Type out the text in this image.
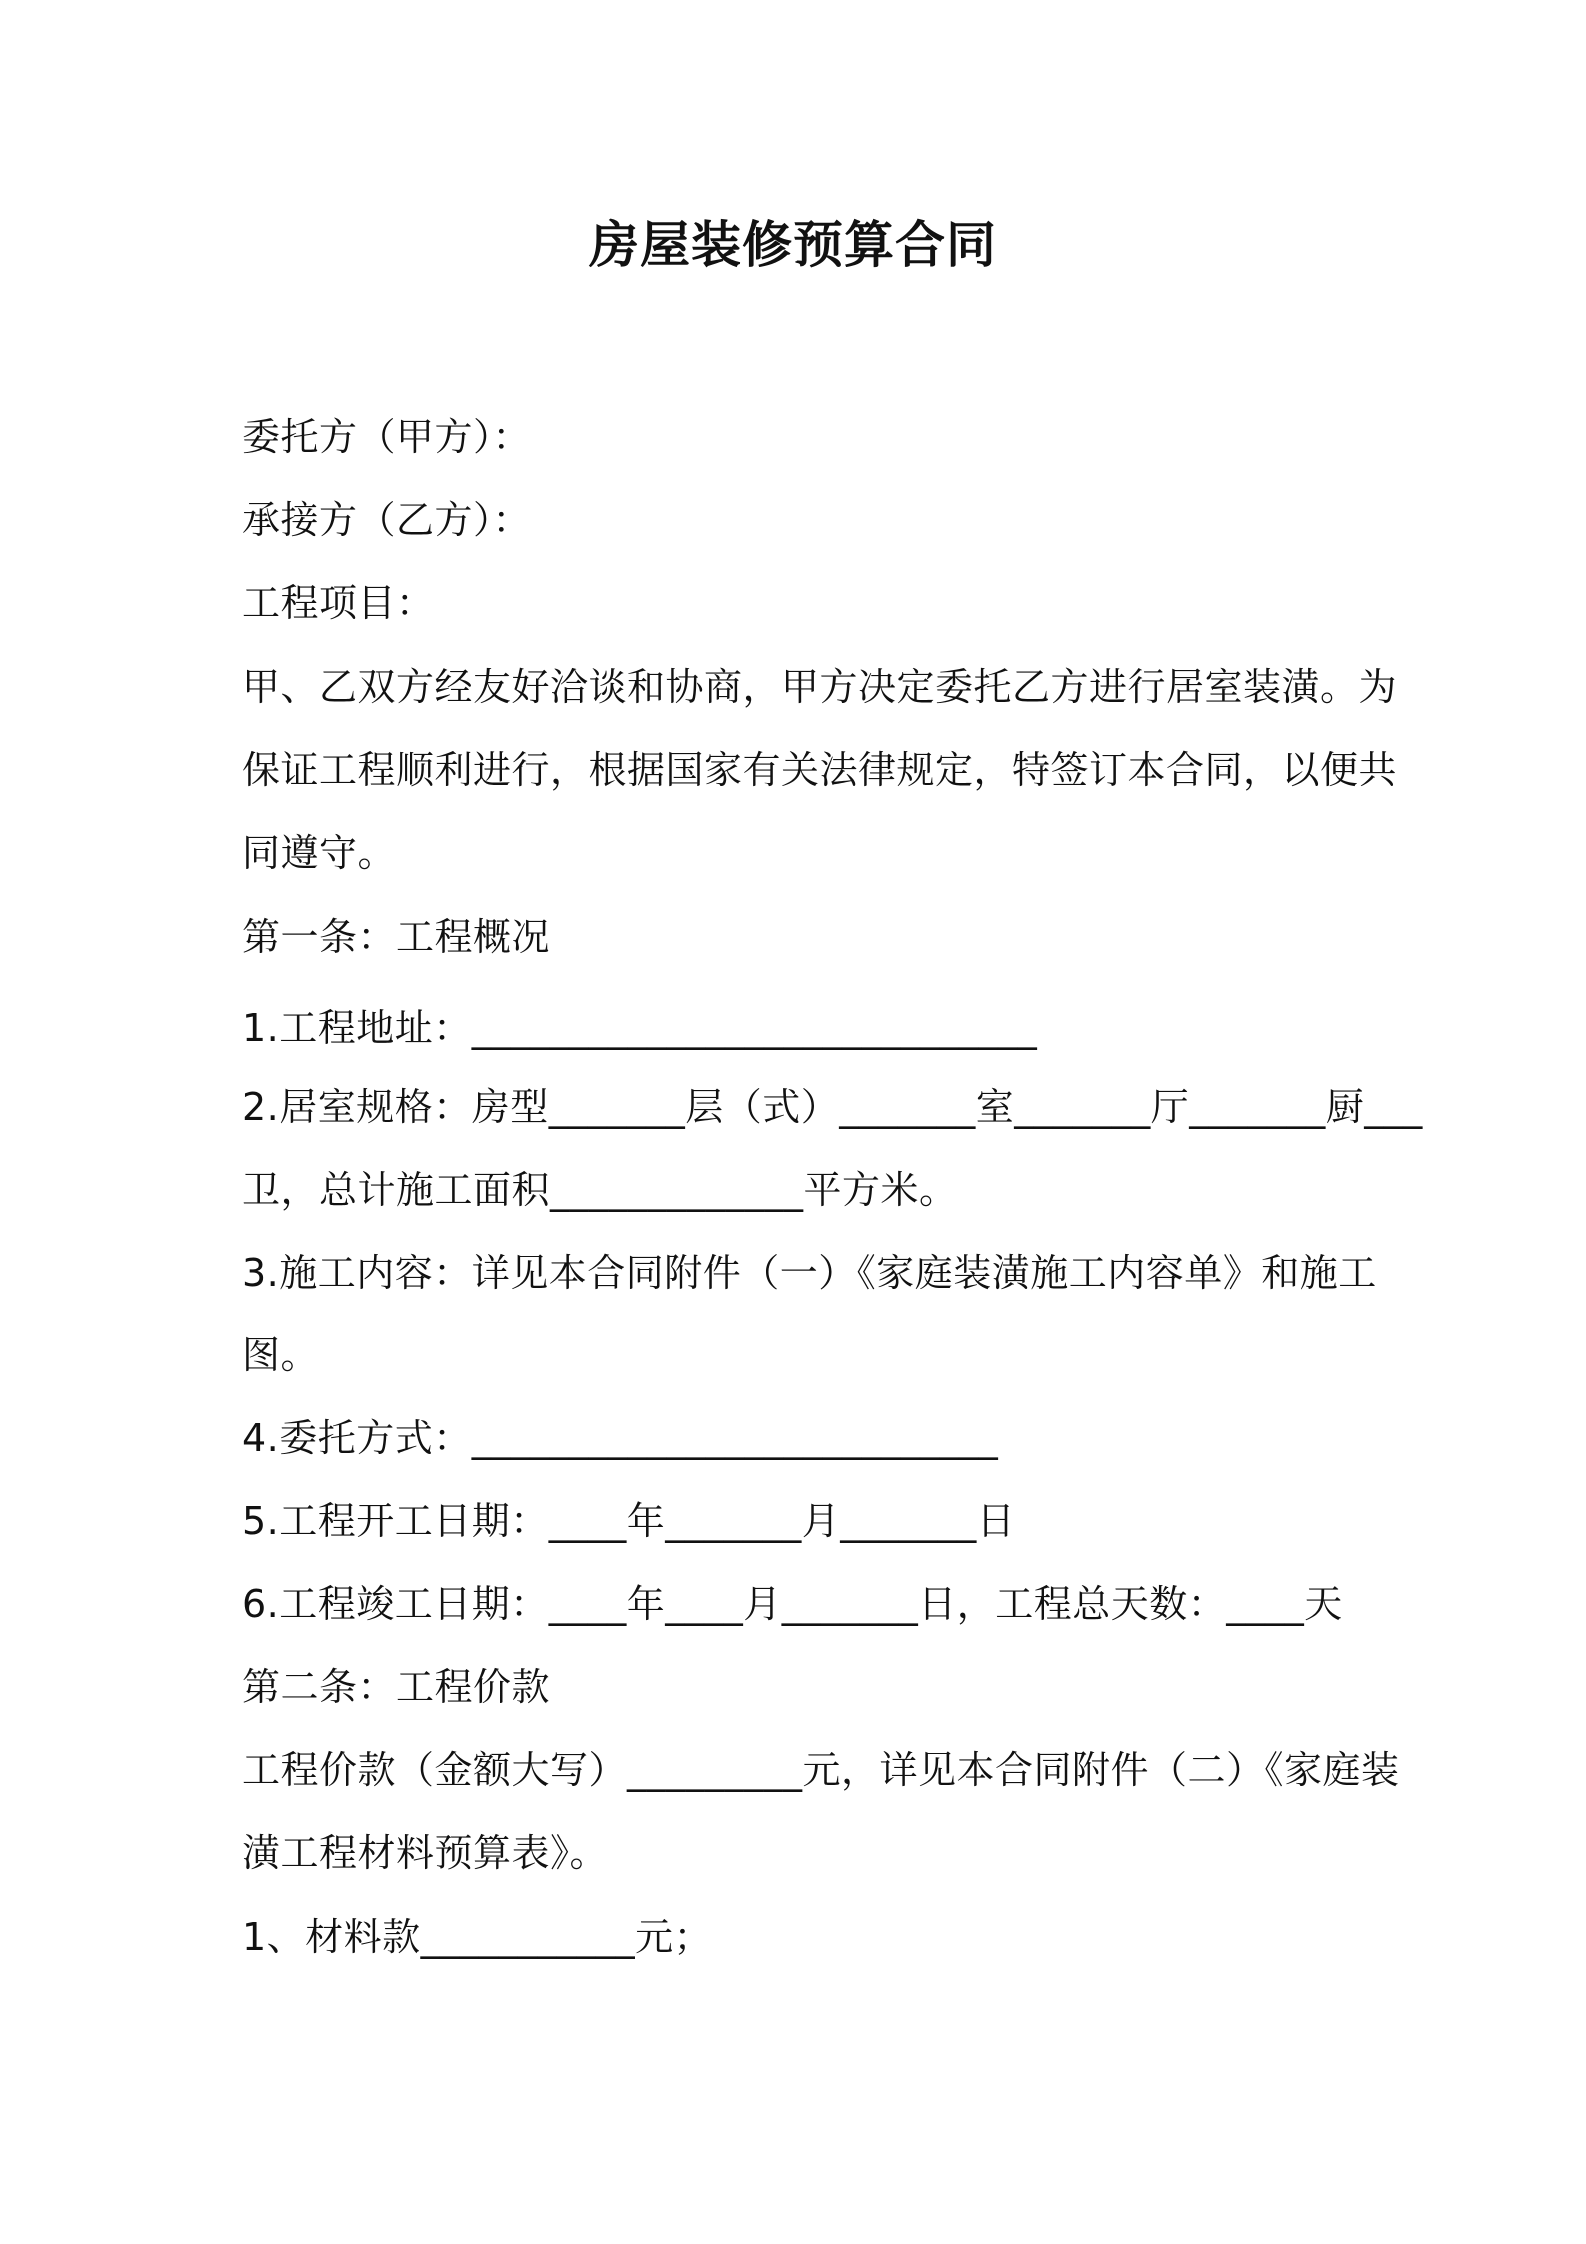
房屋装修预算合同
委托方（甲方）：
承接方（乙方）：
工程项目：
甲、乙双方经友好洽谈和协商，甲方决定委托乙方进行居室装潢。为
保证工程顺利进行，根据国家有关法律规定，特签订本合同，以便共
同遵守。
第一条：工程概况
1.工程地址：_____________________________
2.居室规格：房型_______层（式）_______室_______厅_______厨___
卫，总计施工面积_____________平方米。
3.施工内容：详见本合同附件（一）《家庭装潢施工内容单》和施工
图。
4.委托方式：___________________________
5.工程开工日期：____年_______月_______日
6.工程竣工日期：____年____月_______日，工程总天数：____天
第二条：工程价款
工程价款（金额大写）_________元，详见本合同附件（二）《家庭装
潢工程材料预算表》。
1、材料款___________元；
